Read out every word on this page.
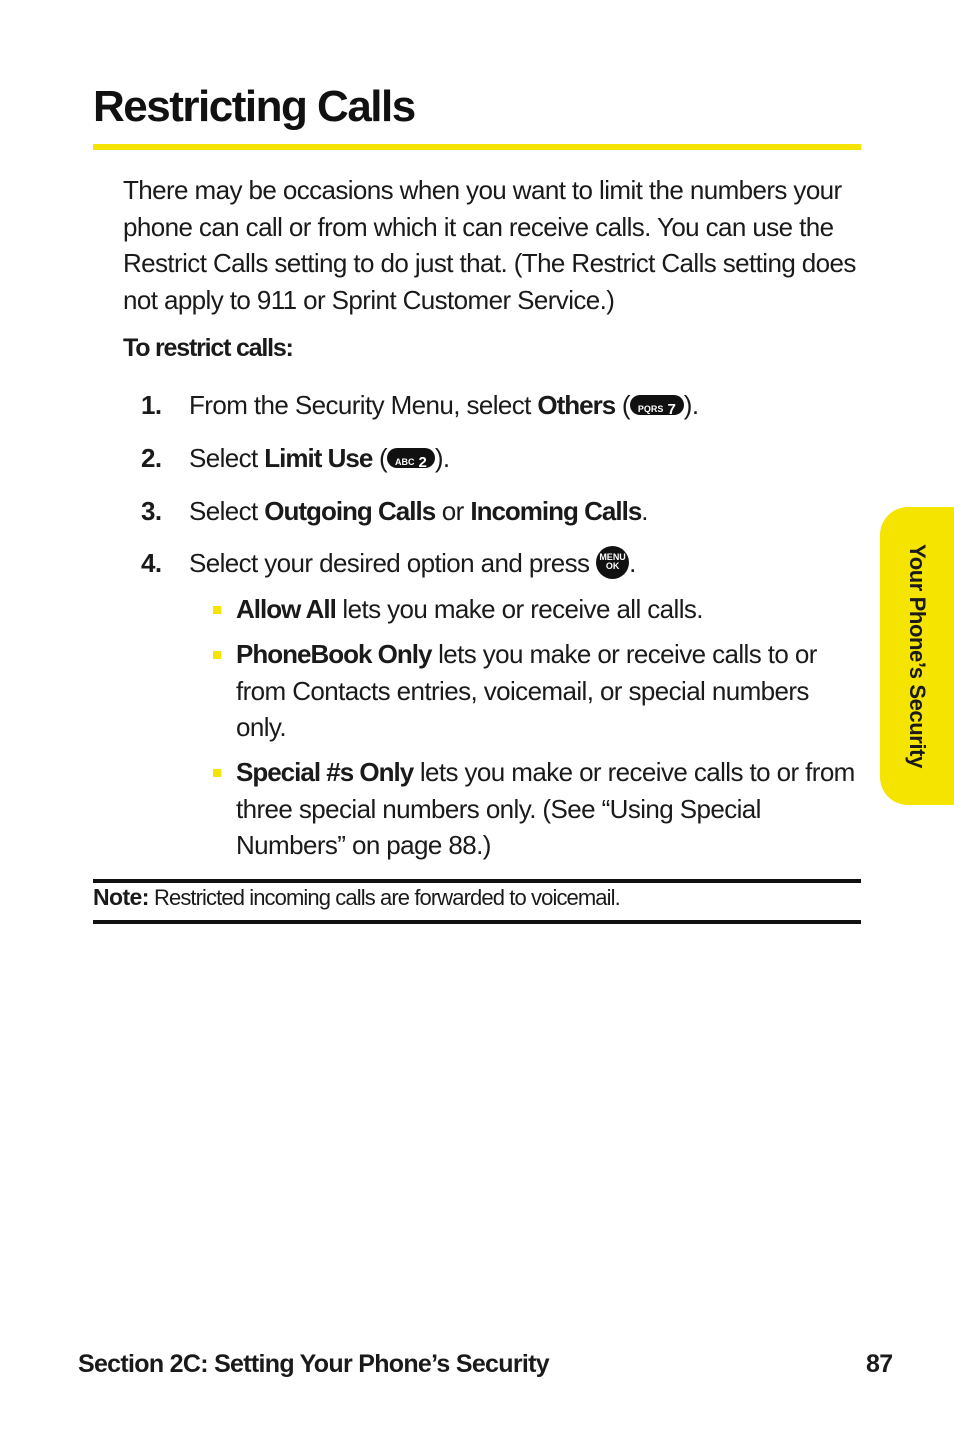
Restricting Calls

There may be occasions when you want to limit the numbers your phone can call or from which it can receive calls. You can use the Restrict Calls setting to do just that. (The Restrict Calls setting does not apply to 911 or Sprint Customer Service.)

To restrict calls:

1. From the Security Menu, select Others ( PQRS 7 ).
2. Select Limit Use ( ABC 2 ).
3. Select Outgoing Calls or Incoming Calls.
4. Select your desired option and press MENU
OK .
Allow All lets you make or receive all calls.
PhoneBook Only lets you make or receive calls to or from Contacts entries, voicemail, or special numbers only.
Special #s Only lets you make or receive calls to or from three special numbers only. (See “Using Special Numbers” on page 88.)

Note: Restricted incoming calls are forwarded to voicemail.

Your Phone’s Security

Section 2C: Setting Your Phone’s Security	87
